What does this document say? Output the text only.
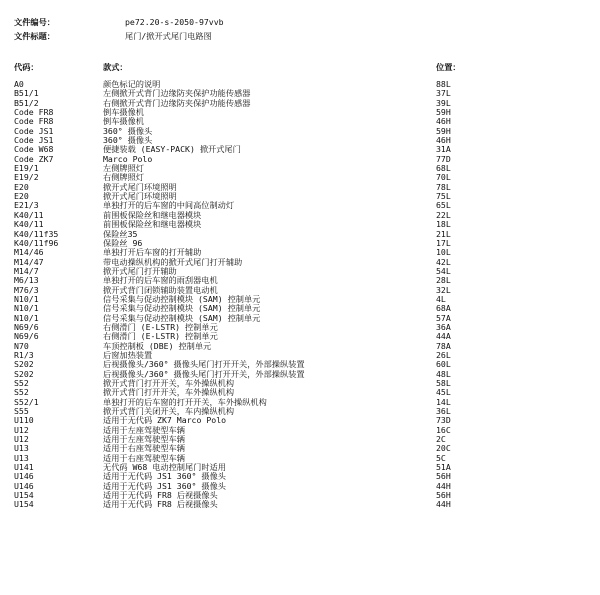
文件编号：	pe72.20-s-2050-97vvb
文件标题：	尾门/掀开式尾门电路图
代码：	款式：	位置：
A0	颜色标记的说明	88L
B51/1	左侧掀开式背门边缘防夹保护功能传感器	37L
B51/2	右侧掀开式背门边缘防夹保护功能传感器	39L
Code FR8	倒车摄像机	59H
Code FR8	倒车摄像机	46H
Code JS1	360° 摄像头	59H
Code JS1	360° 摄像头	46H
Code W68	便捷装载 (EASY-PACK) 掀开式尾门	31A
Code ZK7	Marco Polo	77D
E19/1	左侧牌照灯	68L
E19/2	右侧牌照灯	70L
E20	掀开式尾门环境照明	78L
E20	掀开式尾门环境照明	75L
E21/3	单独打开的后车窗的中间高位制动灯	65L
K40/11	前围板保险丝和继电器模块	22L
K40/11	前围板保险丝和继电器模块	18L
K40/11f35	保险丝35	21L
K40/11f96	保险丝 96	17L
M14/46	单独打开后车窗的打开辅助	10L
M14/47	带电动操纵机构的掀开式尾门打开辅助	42L
M14/7	掀开式尾门打开辅助	54L
M6/13	单独打开的后车窗的雨刮器电机	28L
M76/3	掀开式背门闭锁辅助装置电动机	32L
N10/1	信号采集与促动控制模块 (SAM) 控制单元	4L
N10/1	信号采集与促动控制模块 (SAM) 控制单元	68A
N10/1	信号采集与促动控制模块 (SAM) 控制单元	57A
N69/6	右侧滑门 (E-LSTR) 控制单元	36A
N69/6	右侧滑门 (E-LSTR) 控制单元	44A
N70	车顶控制板 (DBE) 控制单元	78A
R1/3	后窗加热装置	26L
S202	后视摄像头/360° 摄像头尾门打开开关，外部操纵装置	60L
S202	后视摄像头/360° 摄像头尾门打开开关，外部操纵装置	48L
S52	掀开式背门打开开关，车外操纵机构	58L
S52	掀开式背门打开开关，车外操纵机构	45L
S52/1	单独打开的后车窗的打开开关，车外操纵机构	14L
S55	掀开式背门关闭开关，车内操纵机构	36L
U110	适用于无代码 ZK7 Marco Polo	73D
U12	适用于左座驾驶型车辆	16C
U12	适用于左座驾驶型车辆	2C
U13	适用于右座驾驶型车辆	20C
U13	适用于右座驾驶型车辆	5C
U141	无代码 W68 电动控制尾门时适用	51A
U146	适用于无代码 JS1 360° 摄像头	56H
U146	适用于无代码 JS1 360° 摄像头	44H
U154	适用于无代码 FR8 后视摄像头	56H
U154	适用于无代码 FR8 后视摄像头	44H
